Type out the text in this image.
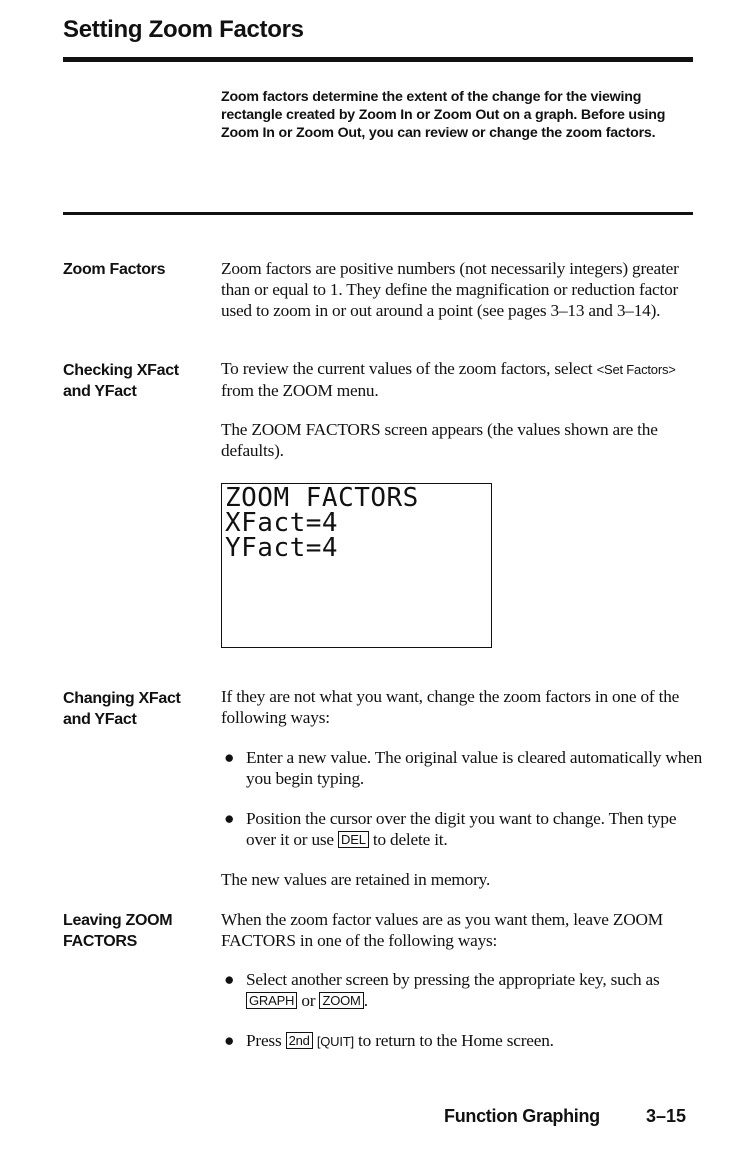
Setting Zoom Factors
Zoom factors determine the extent of the change for the viewing rectangle created by Zoom In or Zoom Out on a graph. Before using Zoom In or Zoom Out, you can review or change the zoom factors.
Zoom Factors	Zoom factors are positive numbers (not necessarily integers) greater than or equal to 1. They define the magnification or reduction factor used to zoom in or out around a point (see pages 3–13 and 3–14).
Checking XFact and YFact
To review the current values of the zoom factors, select <Set Factors> from the ZOOM menu.
The ZOOM FACTORS screen appears (the values shown are the defaults).
ZOOM FACTORS
XFact=4
YFact=4
Changing XFact and YFact
If they are not what you want, change the zoom factors in one of the following ways:
● Enter a new value. The original value is cleared automatically when you begin typing.
● Position the cursor over the digit you want to change. Then type over it or use DEL to delete it.
The new values are retained in memory.
Leaving ZOOM FACTORS
When the zoom factor values are as you want them, leave ZOOM FACTORS in one of the following ways:
● Select another screen by pressing the appropriate key, such as GRAPH or ZOOM .
● Press 2nd [QUIT] to return to the Home screen.
Function Graphing	3–15
